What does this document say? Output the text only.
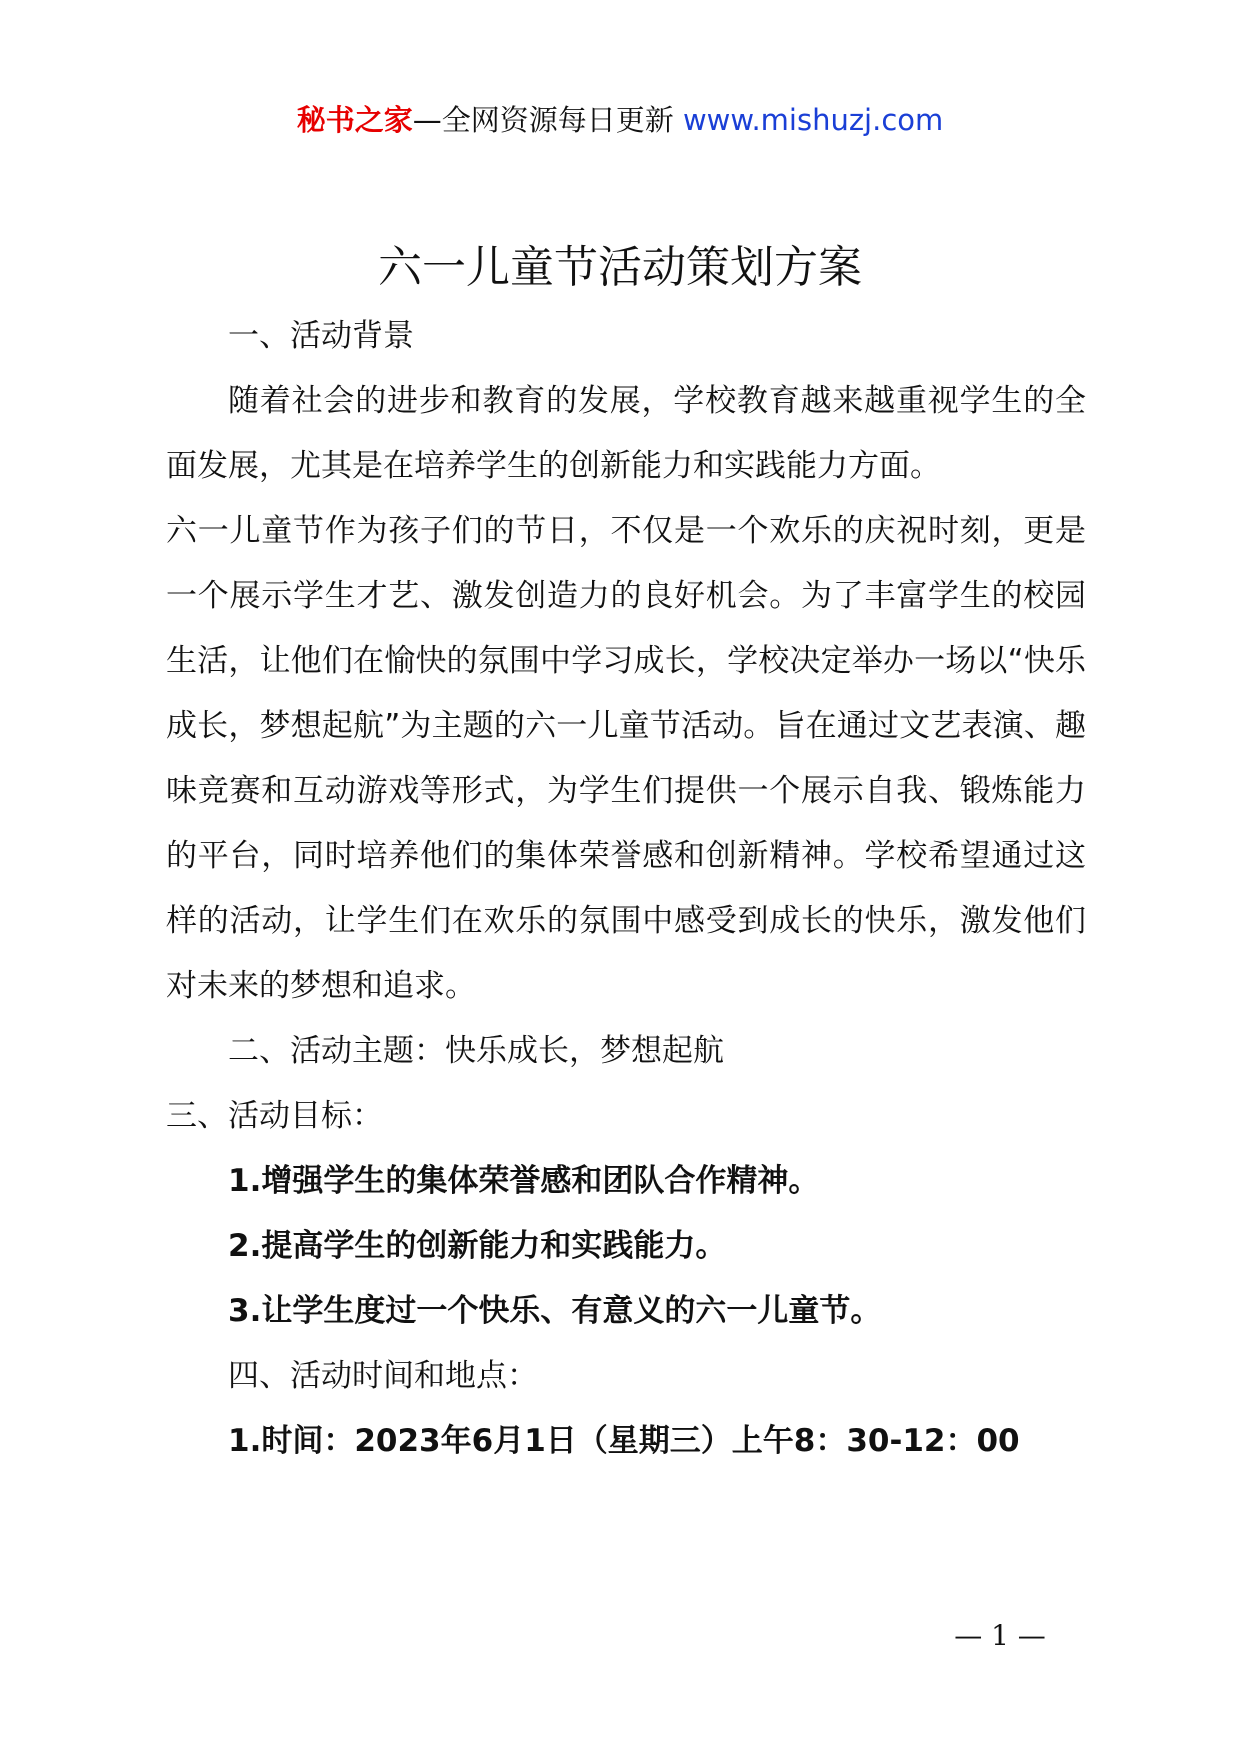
秘书之家—全网资源每日更新 www.mishuzj.com
六一儿童节活动策划方案

一、活动背景

随着社会的进步和教育的发展，学校教育越来越重视学生的全面发展，尤其是在培养学生的创新能力和实践能力方面。

六一儿童节作为孩子们的节日，不仅是一个欢乐的庆祝时刻，更是一个展示学生才艺、激发创造力的良好机会。为了丰富学生的校园生活，让他们在愉快的氛围中学习成长，学校决定举办一场以“快乐成长，梦想起航”为主题的六一儿童节活动。旨在通过文艺表演、趣味竞赛和互动游戏等形式，为学生们提供一个展示自我、锻炼能力的平台，同时培养他们的集体荣誉感和创新精神。学校希望通过这样的活动，让学生们在欢乐的氛围中感受到成长的快乐，激发他们对未来的梦想和追求。

二、活动主题：快乐成长，梦想起航

三、活动目标：

1.增强学生的集体荣誉感和团队合作精神。

2.提高学生的创新能力和实践能力。

3.让学生度过一个快乐、有意义的六一儿童节。

四、活动时间和地点：

1.时间：2023年6月1日（星期三）上午8：30-12：00

— 1 —
